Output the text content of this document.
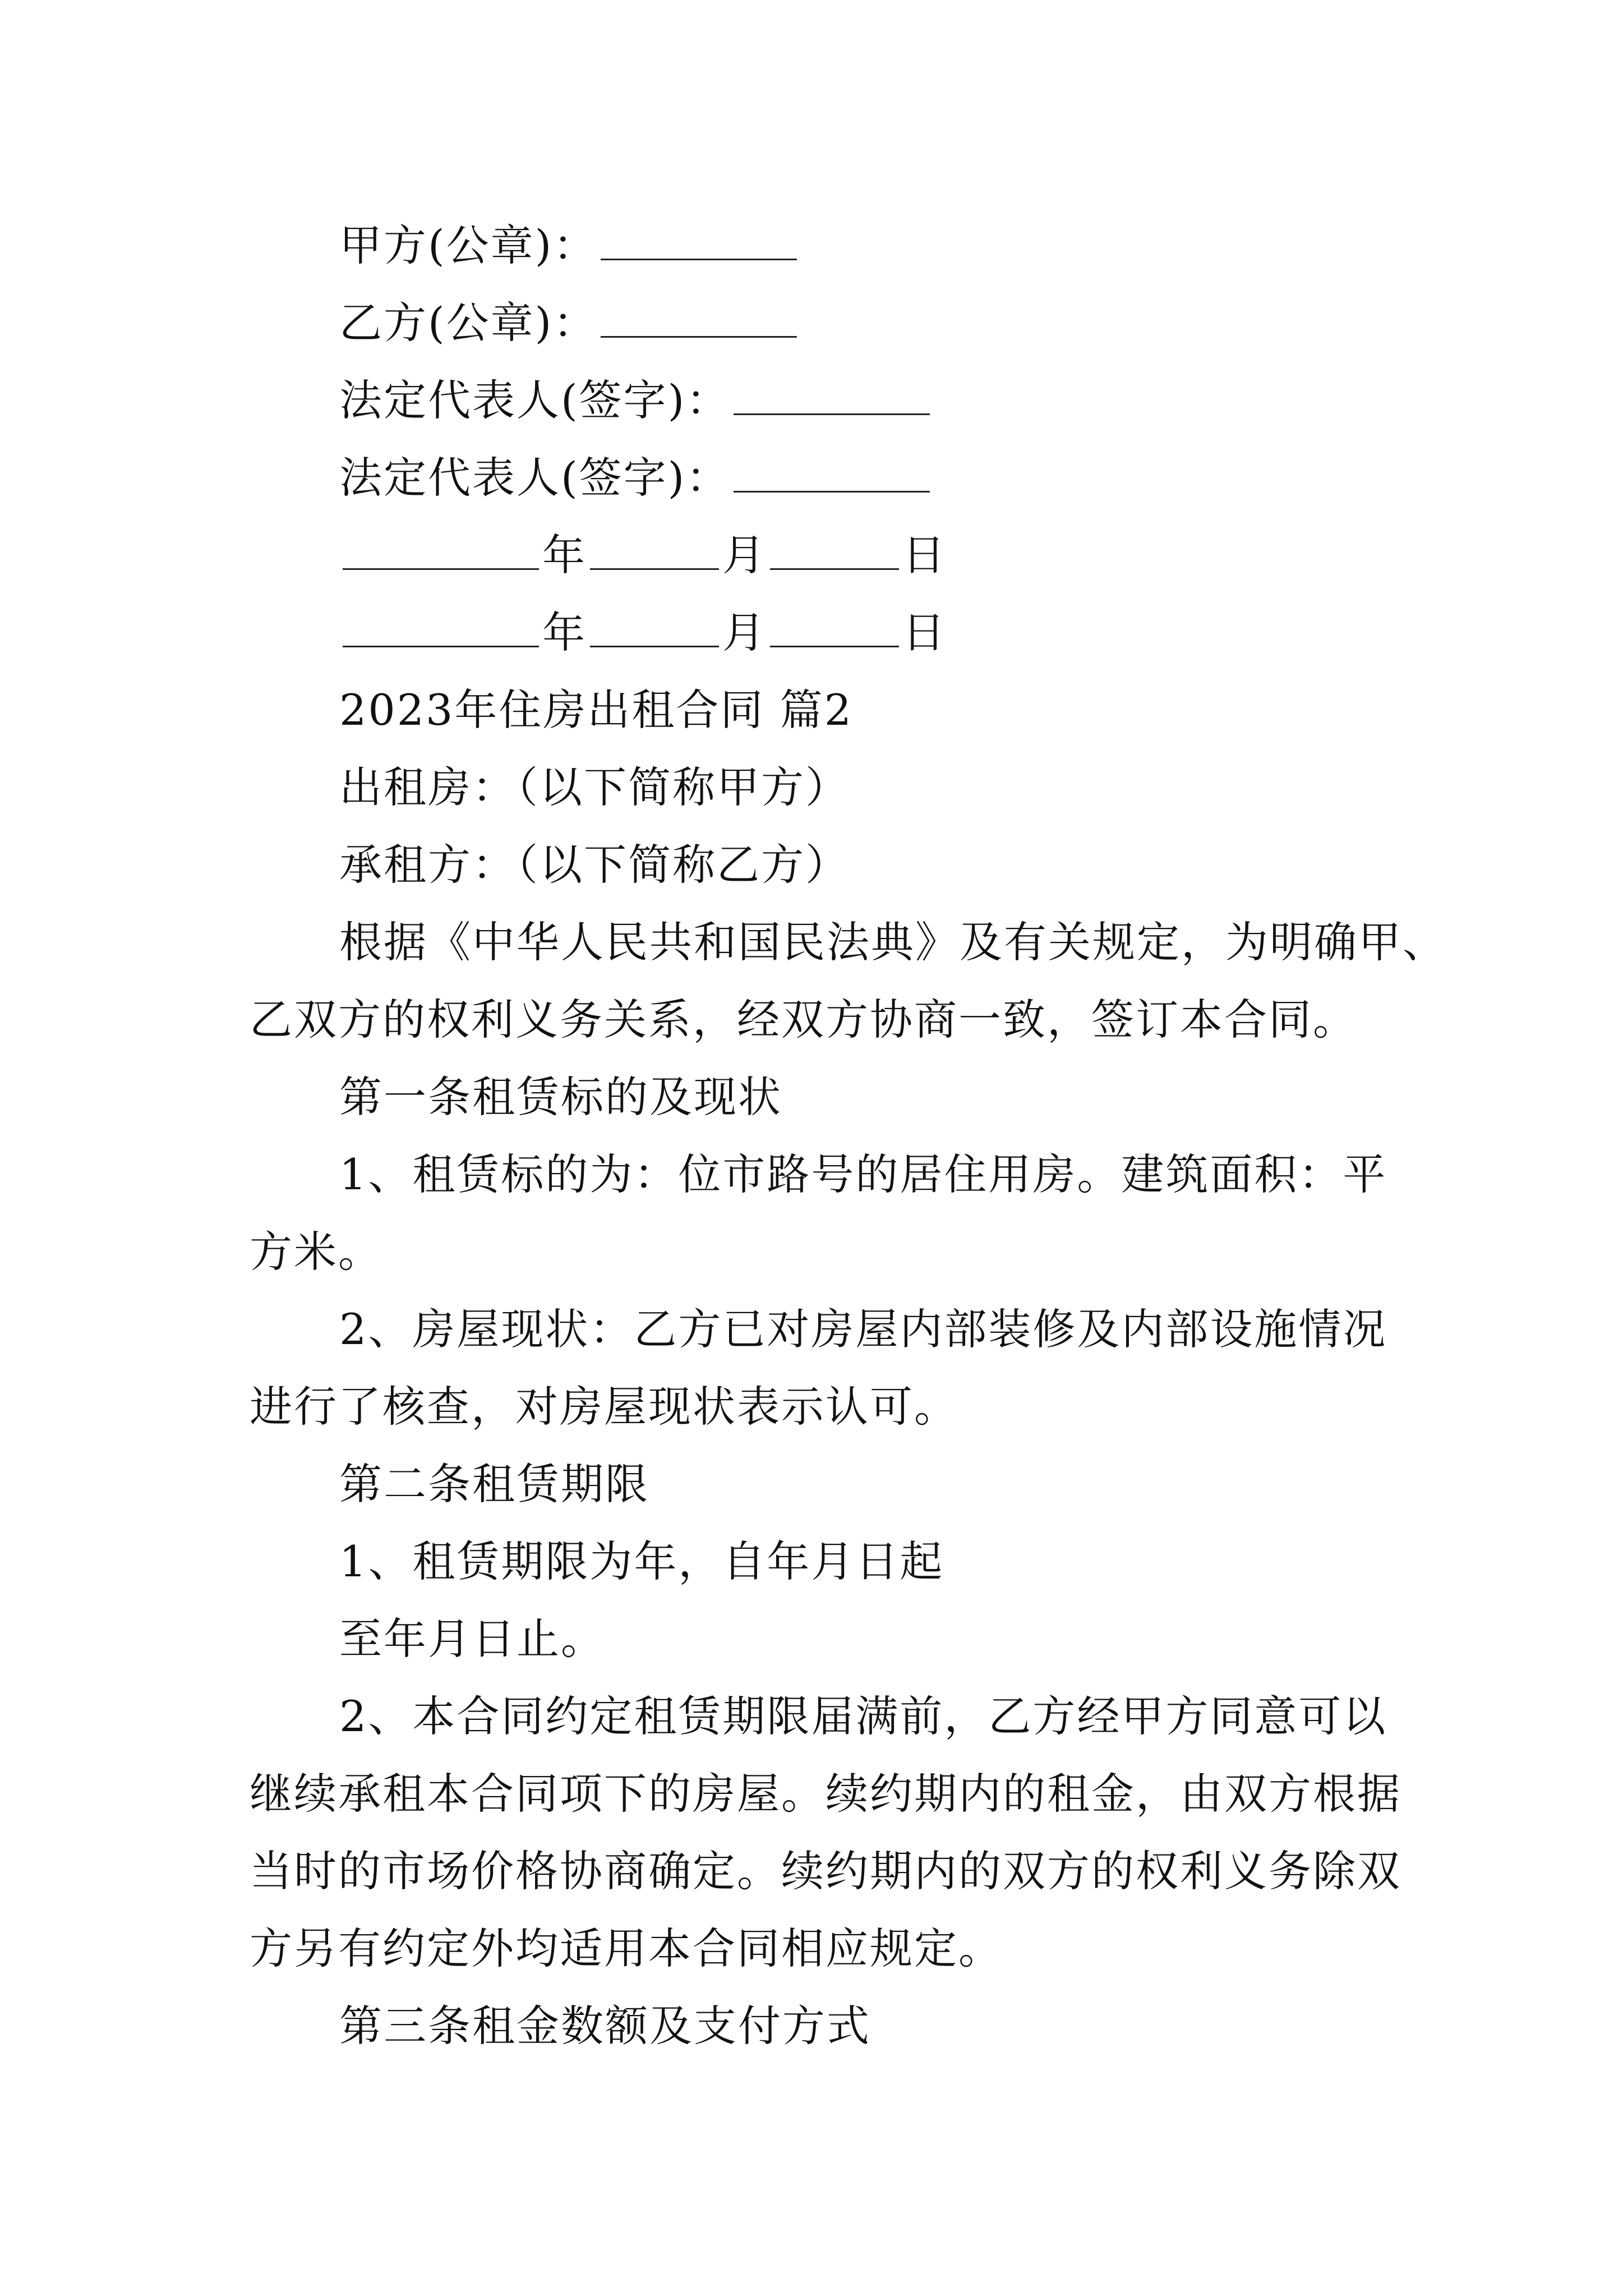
甲方(公章)：
乙方(公章)：
法定代表人(签字)：
法定代表人(签字)：
年	月	日
年	月	日
2023年住房出租合同 篇2
出租房：（以下简称甲方）
承租方：（以下简称乙方）
根据《中华人民共和国民法典》及有关规定，为明确甲、
乙双方的权利义务关系，经双方协商一致，签订本合同。
第一条租赁标的及现状
1、租赁标的为：位市路号的居住用房。建筑面积：平
方米。
2、房屋现状：乙方已对房屋内部装修及内部设施情况
进行了核查，对房屋现状表示认可。
第二条租赁期限
1、租赁期限为年，自年月日起
至年月日止。
2、本合同约定租赁期限届满前，乙方经甲方同意可以
继续承租本合同项下的房屋。续约期内的租金，由双方根据
当时的市场价格协商确定。续约期内的双方的权利义务除双
方另有约定外均适用本合同相应规定。
第三条租金数额及支付方式
